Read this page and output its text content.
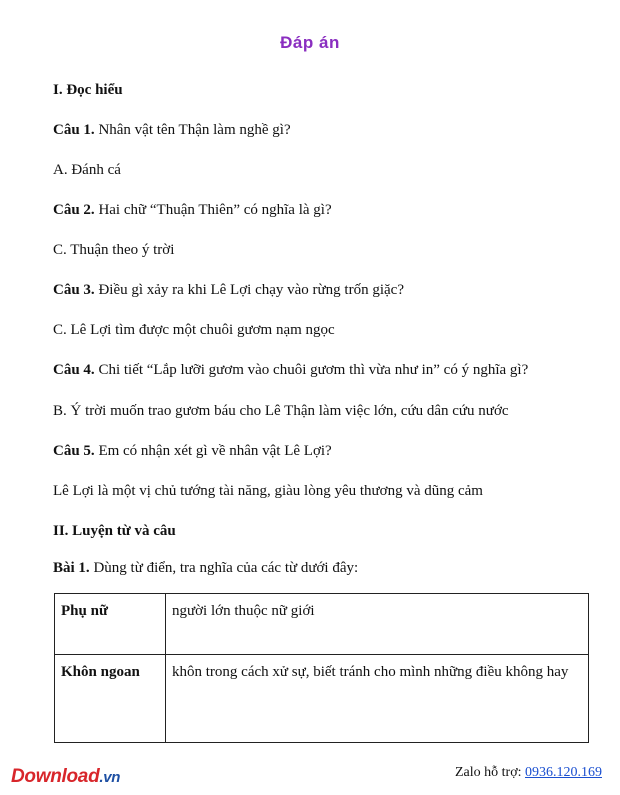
Đáp án
I. Đọc hiểu
Câu 1. Nhân vật tên Thận làm nghề gì?
A. Đánh cá
Câu 2. Hai chữ “Thuận Thiên” có nghĩa là gì?
C. Thuận theo ý trời
Câu 3. Điều gì xảy ra khi Lê Lợi chạy vào rừng trốn giặc?
C. Lê Lợi tìm được một chuôi gươm nạm ngọc
Câu 4. Chi tiết “Lắp lưỡi gươm vào chuôi gươm thì vừa như in” có ý nghĩa gì?
B. Ý trời muốn trao gươm báu cho Lê Thận làm việc lớn, cứu dân cứu nước
Câu 5. Em có nhận xét gì về nhân vật Lê Lợi?
Lê Lợi là một vị chủ tướng tài năng, giàu lòng yêu thương và dũng cảm
II. Luyện từ và câu
Bài 1. Dùng từ điển, tra nghĩa của các từ dưới đây:
Phụ nữ	người lớn thuộc nữ giới
Khôn ngoan	khôn trong cách xử sự, biết tránh cho mình những điều không hay
Download.vn	Zalo hỗ trợ: 0936.120.169
